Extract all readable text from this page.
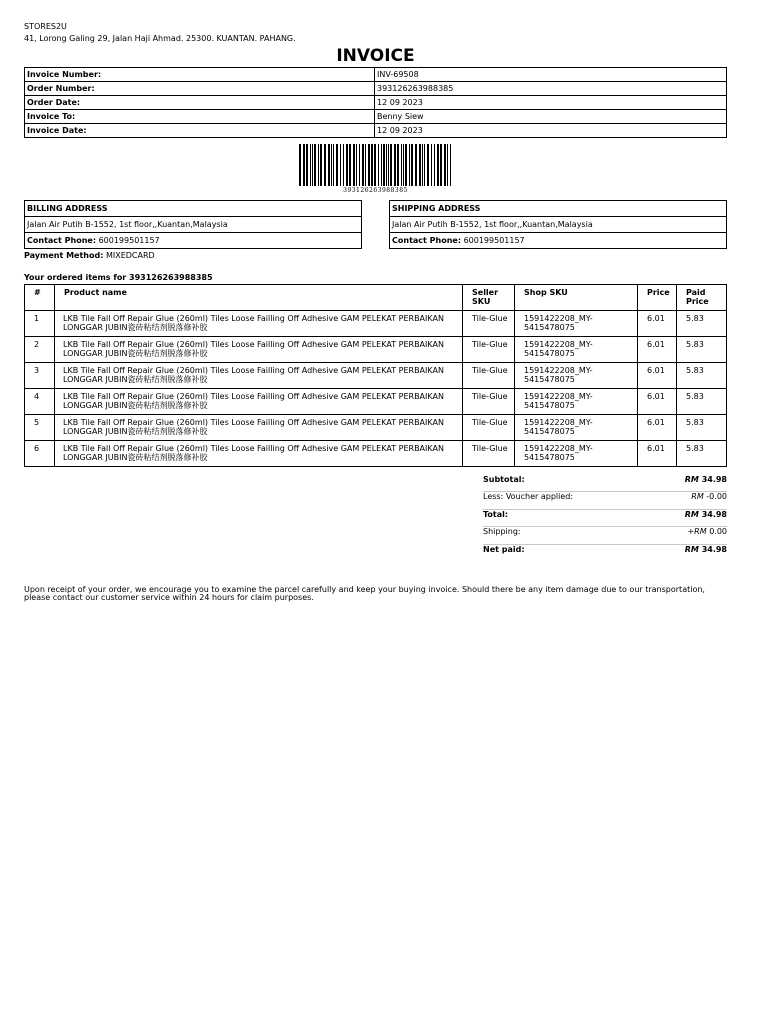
STORES2U
41, Lorong Galing 29, Jalan Haji Ahmad. 25300. KUANTAN. PAHANG.
INVOICE
Invoice Number:	INV-69508
Order Number:	393126263988385
Order Date:	12 09 2023
Invoice To:	Benny Siew
Invoice Date:	12 09 2023
393126263988385
BILLING ADDRESS
Jalan Air Putih B-1552, 1st floor,,Kuantan,Malaysia
Contact Phone: 600199501157
SHIPPING ADDRESS
Jalan Air Putih B-1552, 1st floor,,Kuantan,Malaysia
Contact Phone: 600199501157
Payment Method: MIXEDCARD
Your ordered items for 393126263988385
#	Product name	Seller SKU	Shop SKU	Price	Paid Price
1	LKB Tile Fall Off Repair Glue (260ml) Tiles Loose Failling Off Adhesive GAM PELEKAT PERBAIKAN LONGGAR JUBIN瓷砖粘结剂脱落修补胶	Tile-Glue	1591422208_MY-5415478075	6.01	5.83
2	LKB Tile Fall Off Repair Glue (260ml) Tiles Loose Failling Off Adhesive GAM PELEKAT PERBAIKAN LONGGAR JUBIN瓷砖粘结剂脱落修补胶	Tile-Glue	1591422208_MY-5415478075	6.01	5.83
3	LKB Tile Fall Off Repair Glue (260ml) Tiles Loose Failling Off Adhesive GAM PELEKAT PERBAIKAN LONGGAR JUBIN瓷砖粘结剂脱落修补胶	Tile-Glue	1591422208_MY-5415478075	6.01	5.83
4	LKB Tile Fall Off Repair Glue (260ml) Tiles Loose Failling Off Adhesive GAM PELEKAT PERBAIKAN LONGGAR JUBIN瓷砖粘结剂脱落修补胶	Tile-Glue	1591422208_MY-5415478075	6.01	5.83
5	LKB Tile Fall Off Repair Glue (260ml) Tiles Loose Failling Off Adhesive GAM PELEKAT PERBAIKAN LONGGAR JUBIN瓷砖粘结剂脱落修补胶	Tile-Glue	1591422208_MY-5415478075	6.01	5.83
6	LKB Tile Fall Off Repair Glue (260ml) Tiles Loose Failling Off Adhesive GAM PELEKAT PERBAIKAN LONGGAR JUBIN瓷砖粘结剂脱落修补胶	Tile-Glue	1591422208_MY-5415478075	6.01	5.83
Subtotal:	RM 34.98
Less: Voucher applied:	RM -0.00
Total:	RM 34.98
Shipping:	+RM 0.00
Net paid:	RM 34.98
Upon receipt of your order, we encourage you to examine the parcel carefully and keep your buying invoice. Should there be any item damage due to our transportation, please contact our customer service within 24 hours for claim purposes.
